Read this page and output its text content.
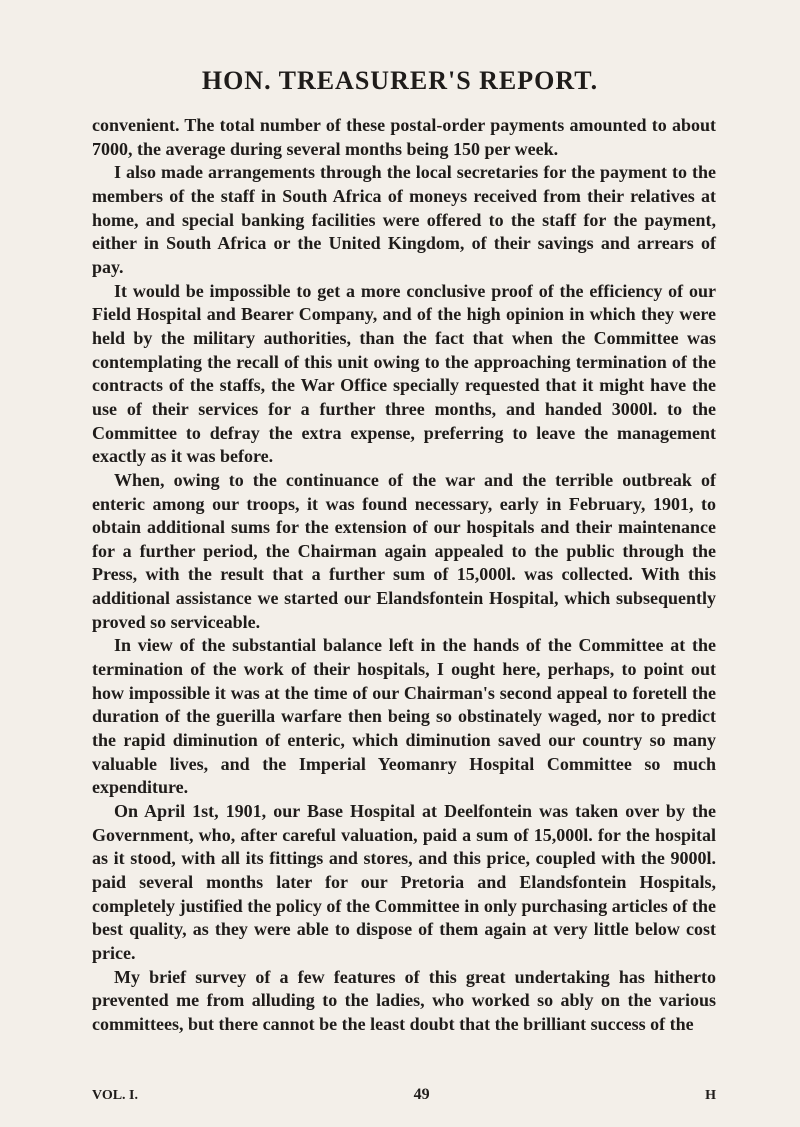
HON. TREASURER'S REPORT.

convenient. The total number of these postal-order payments amounted to about 7000, the average during several months being 150 per week.

I also made arrangements through the local secretaries for the payment to the members of the staff in South Africa of moneys received from their relatives at home, and special banking facilities were offered to the staff for the payment, either in South Africa or the United Kingdom, of their savings and arrears of pay.

It would be impossible to get a more conclusive proof of the efficiency of our Field Hospital and Bearer Company, and of the high opinion in which they were held by the military authorities, than the fact that when the Committee was contemplating the recall of this unit owing to the approaching termination of the contracts of the staffs, the War Office specially requested that it might have the use of their services for a further three months, and handed 3000l. to the Committee to defray the extra expense, preferring to leave the management exactly as it was before.

When, owing to the continuance of the war and the terrible outbreak of enteric among our troops, it was found necessary, early in February, 1901, to obtain additional sums for the extension of our hospitals and their maintenance for a further period, the Chairman again appealed to the public through the Press, with the result that a further sum of 15,000l. was collected. With this additional assistance we started our Elandsfontein Hospital, which subsequently proved so serviceable.

In view of the substantial balance left in the hands of the Committee at the termination of the work of their hospitals, I ought here, perhaps, to point out how impossible it was at the time of our Chairman's second appeal to foretell the duration of the guerilla warfare then being so obstinately waged, nor to predict the rapid diminution of enteric, which diminution saved our country so many valuable lives, and the Imperial Yeomanry Hospital Committee so much expenditure.

On April 1st, 1901, our Base Hospital at Deelfontein was taken over by the Government, who, after careful valuation, paid a sum of 15,000l. for the hospital as it stood, with all its fittings and stores, and this price, coupled with the 9000l. paid several months later for our Pretoria and Elandsfontein Hospitals, completely justified the policy of the Committee in only purchasing articles of the best quality, as they were able to dispose of them again at very little below cost price.

My brief survey of a few features of this great undertaking has hitherto prevented me from alluding to the ladies, who worked so ably on the various committees, but there cannot be the least doubt that the brilliant success of the

VOL. I.	49	H
